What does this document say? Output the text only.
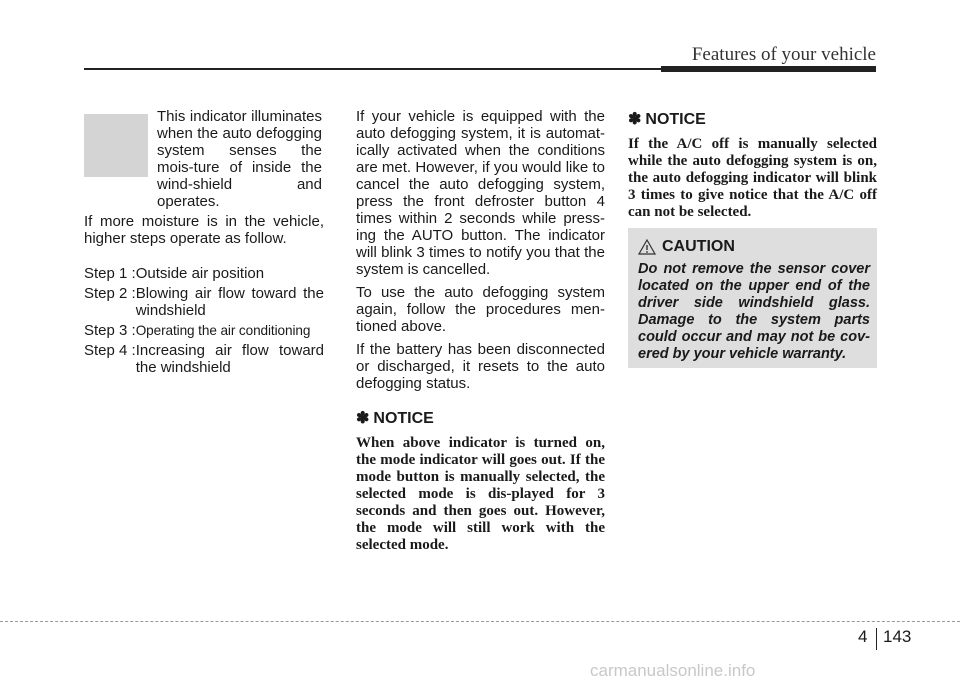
Features of your vehicle
This indicator illuminates when the auto defogging system senses the mois-ture of inside the wind-shield and operates.

If more moisture is in the vehicle, higher steps operate as follow.

Step 1 : Outside air position
Step 2 : Blowing air flow toward the windshield
Step 3 : Operating the air conditioning
Step 4 : Increasing air flow toward the windshield

If your vehicle is equipped with the auto defogging system, it is automat-ically activated when the conditions are met. However, if you would like to cancel the auto defogging system, press the front defroster button 4 times within 2 seconds while press-ing the AUTO button. The indicator will blink 3 times to notify you that the system is cancelled.

To use the auto defogging system again, follow the procedures men-tioned above.

If the battery has been disconnected or discharged, it resets to the auto defogging status.

✽ NOTICE

When above indicator is turned on, the mode indicator will goes out. If the mode button is manually selected, the selected mode is dis-played for 3 seconds and then goes out. However, the mode will still work with the selected mode.

✽ NOTICE

If the A/C off is manually selected while the auto defogging system is on, the auto defogging indicator will blink 3 times to give notice that the A/C off can not be selected.

CAUTION
Do not remove the sensor cover located on the upper end of the driver side windshield glass. Damage to the system parts could occur and may not be cov-ered by your vehicle warranty.
4 143
carmanualsonline.info
